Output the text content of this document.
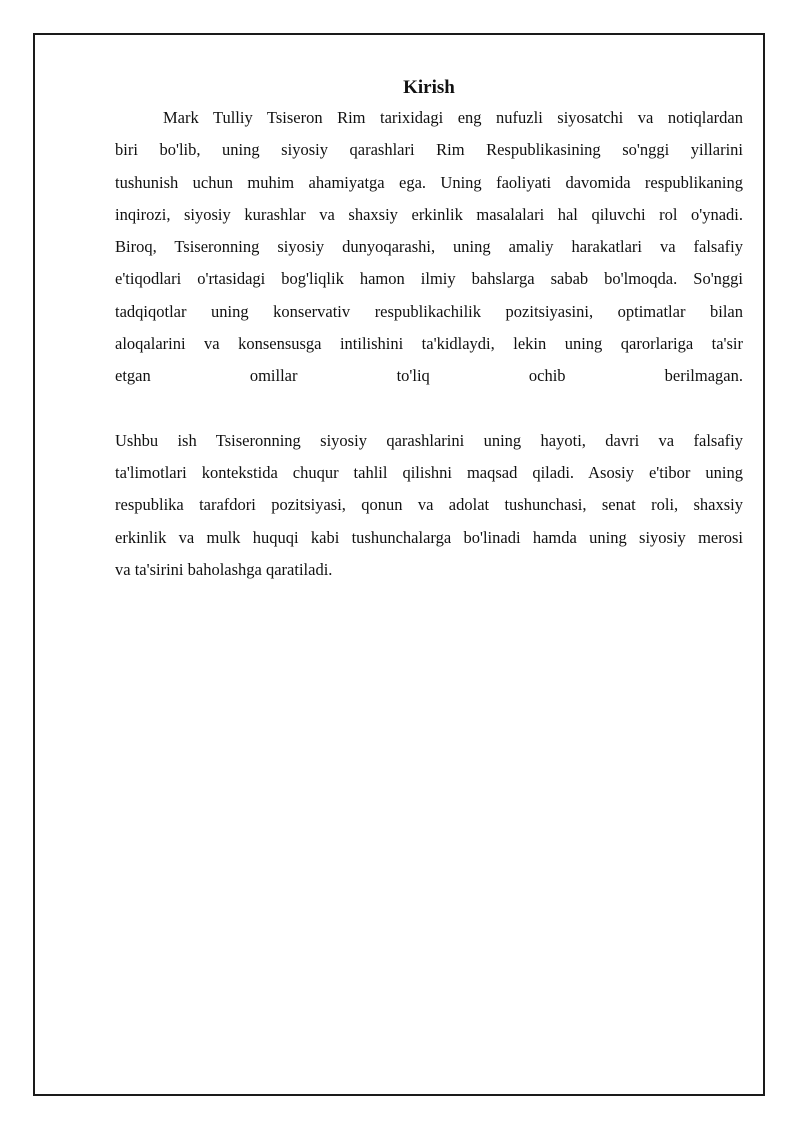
Kirish

Mark Tulliy Tsiseron Rim tarixidagi eng nufuzli siyosatchi va notiqlardan
biri bo'lib, uning siyosiy qarashlari Rim Respublikasining so'nggi yillarini
tushunish uchun muhim ahamiyatga ega. Uning faoliyati davomida respublikaning
inqirozi, siyosiy kurashlar va shaxsiy erkinlik masalalari hal qiluvchi rol o'ynadi.
Biroq, Tsiseronning siyosiy dunyoqarashi, uning amaliy harakatlari va falsafiy
e'tiqodlari o'rtasidagi bog'liqlik hamon ilmiy bahslarga sabab bo'lmoqda. So'nggi
tadqiqotlar uning konservativ respublikachilik pozitsiyasini, optimatlar bilan
aloqalarini va konsensusga intilishini ta'kidlaydi, lekin uning qarorlariga ta'sir
etgan omillar to'liq ochib berilmagan.

Ushbu ish Tsiseronning siyosiy qarashlarini uning hayoti, davri va falsafiy
ta'limotlari kontekstida chuqur tahlil qilishni maqsad qiladi. Asosiy e'tibor uning
respublika tarafdori pozitsiyasi, qonun va adolat tushunchasi, senat roli, shaxsiy
erkinlik va mulk huquqi kabi tushunchalarga bo'linadi hamda uning siyosiy merosi
va ta'sirini baholashga qaratiladi.
